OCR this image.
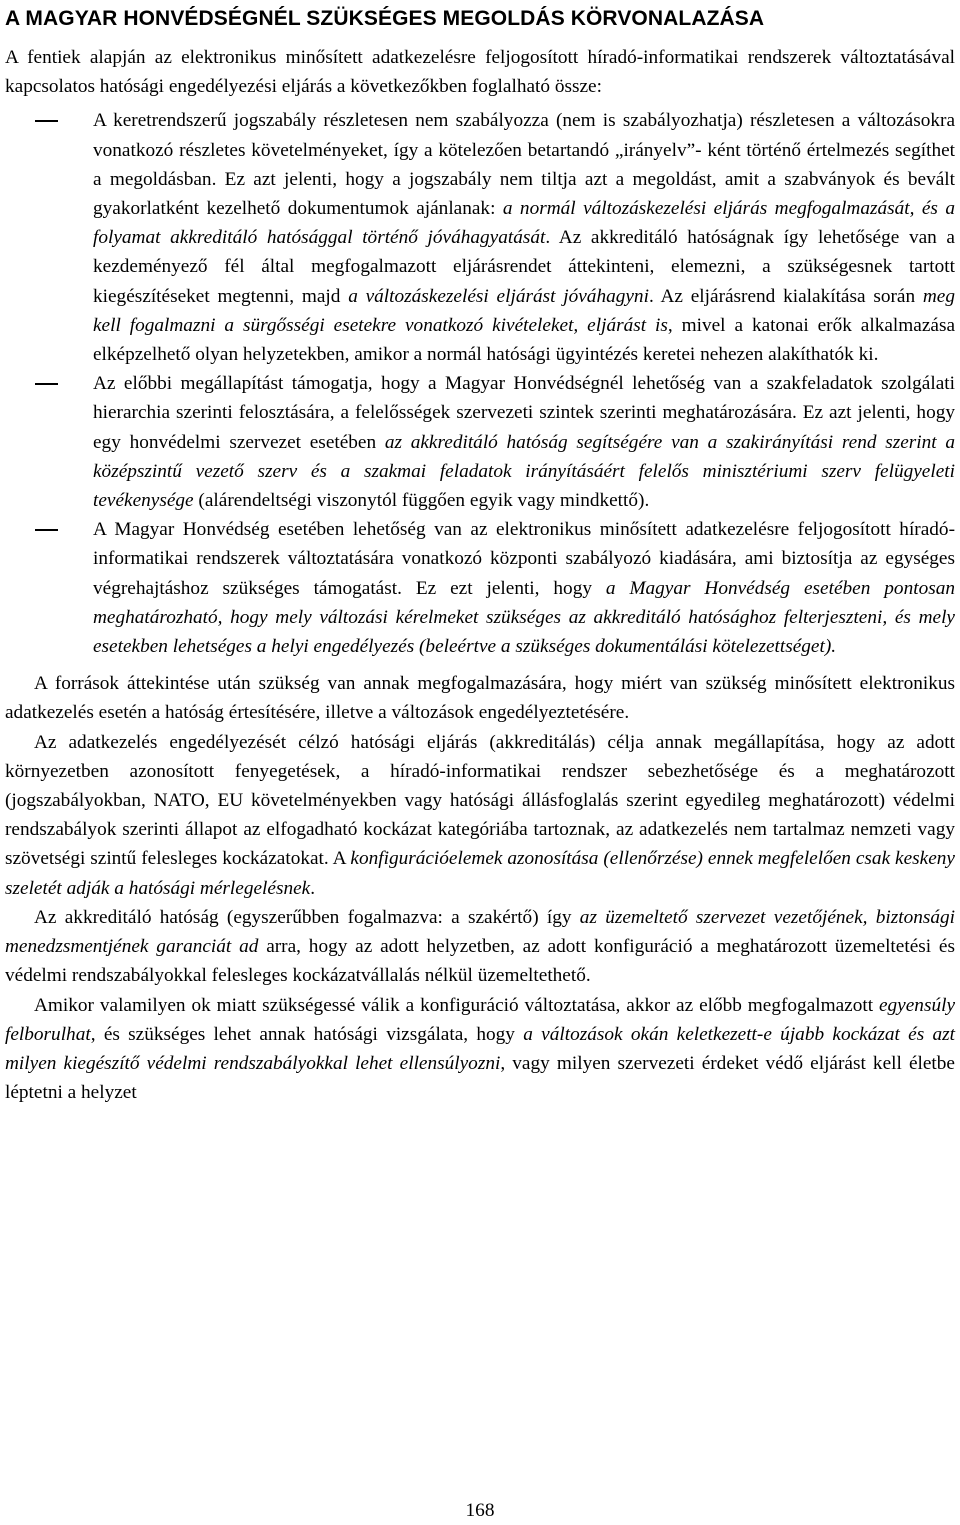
A MAGYAR HONVÉDSÉGNÉL SZÜKSÉGES MEGOLDÁS KÖRVONALAZÁSA

A fentiek alapján az elektronikus minősített adatkezelésre feljogosított híradó-informatikai rendszerek változtatásával kapcsolatos hatósági engedélyezési eljárás a következőkben foglalható össze:

A keretrendszerű jogszabály részletesen nem szabályozza (nem is szabályozhatja) részletesen a változásokra vonatkozó részletes követelményeket, így a kötelezően betartandó „irányelv”- ként történő értelmezés segíthet a megoldásban. Ez azt jelenti, hogy a jogszabály nem tiltja azt a megoldást, amit a szabványok és bevált gyakorlatként kezelhető dokumentumok ajánlanak: a normál változáskezelési eljárás megfogalmazását, és a folyamat akkreditáló hatósággal történő jóváhagyatását. Az akkreditáló hatóságnak így lehetősége van a kezdeményező fél által megfogalmazott eljárásrendet áttekinteni, elemezni, a szükségesnek tartott kiegészítéseket megtenni, majd a változáskezelési eljárást jóváhagyni. Az eljárásrend kialakítása során meg kell fogalmazni a sürgősségi esetekre vonatkozó kivételeket, eljárást is, mivel a katonai erők alkalmazása elképzelhető olyan helyzetekben, amikor a normál hatósági ügyintézés keretei nehezen alakíthatók ki.
Az előbbi megállapítást támogatja, hogy a Magyar Honvédségnél lehetőség van a szakfeladatok szolgálati hierarchia szerinti felosztására, a felelősségek szervezeti szintek szerinti meghatározására. Ez azt jelenti, hogy egy honvédelmi szervezet esetében az akkreditáló hatóság segítségére van a szakirányítási rend szerint a középszintű vezető szerv és a szakmai feladatok irányításáért felelős minisztériumi szerv felügyeleti tevékenysége (alárendeltségi viszonytól függően egyik vagy mindkettő).
A Magyar Honvédség esetében lehetőség van az elektronikus minősített adatkezelésre feljogosított híradó-informatikai rendszerek változtatására vonatkozó központi szabályozó kiadására, ami biztosítja az egységes végrehajtáshoz szükséges támogatást. Ez ezt jelenti, hogy a Magyar Honvédség esetében pontosan meghatározható, hogy mely változási kérelmeket szükséges az akkreditáló hatósághoz felterjeszteni, és mely esetekben lehetséges a helyi engedélyezés (beleértve a szükséges dokumentálási kötelezettséget).

A források áttekintése után szükség van annak megfogalmazására, hogy miért van szükség minősített elektronikus adatkezelés esetén a hatóság értesítésére, illetve a változások engedélyeztetésére.

Az adatkezelés engedélyezését célzó hatósági eljárás (akkreditálás) célja annak megállapítása, hogy az adott környezetben azonosított fenyegetések, a híradó-informatikai rendszer sebezhetősége és a meghatározott (jogszabályokban, NATO, EU követelményekben vagy hatósági állásfoglalás szerint egyedileg meghatározott) védelmi rendszabályok szerinti állapot az elfogadható kockázat kategóriába tartoznak, az adatkezelés nem tartalmaz nemzeti vagy szövetségi szintű felesleges kockázatokat. A konfigurációelemek azonosítása (ellenőrzése) ennek megfelelően csak keskeny szeletét adják a hatósági mérlegelésnek.

Az akkreditáló hatóság (egyszerűbben fogalmazva: a szakértő) így az üzemeltető szervezet vezetőjének, biztonsági menedzsmentjének garanciát ad arra, hogy az adott helyzetben, az adott konfiguráció a meghatározott üzemeltetési és védelmi rendszabályokkal felesleges kockázatvállalás nélkül üzemeltethető.

Amikor valamilyen ok miatt szükségessé válik a konfiguráció változtatása, akkor az előbb megfogalmazott egyensúly felborulhat, és szükséges lehet annak hatósági vizsgálata, hogy a változások okán keletkezett-e újabb kockázat és azt milyen kiegészítő védelmi rendszabályokkal lehet ellensúlyozni, vagy milyen szervezeti érdeket védő eljárást kell életbe léptetni a helyzet

168
